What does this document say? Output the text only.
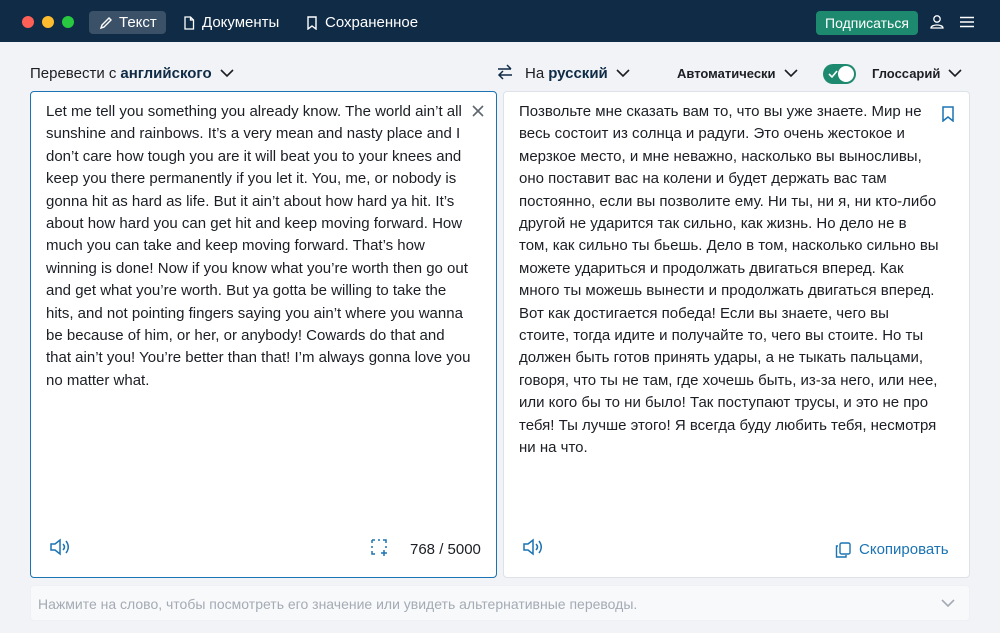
Текст	Документы	Сохраненное	Подписаться
Перевести с английского	На русский	Автоматически	Глоссарий
Let me tell you something you already know. The world ain’t all sunshine and rainbows. It’s a very mean and nasty place and I don’t care how tough you are it will beat you to your knees and keep you there permanently if you let it. You, me, or nobody is gonna hit as hard as life. But it ain’t about how hard ya hit. It’s about how hard you can get hit and keep moving forward. How much you can take and keep moving forward. That’s how winning is done! Now if you know what you’re worth then go out and get what you’re worth. But ya gotta be willing to take the hits, and not pointing fingers saying you ain’t where you wanna be because of him, or her, or anybody! Cowards do that and that ain’t you! You’re better than that! I’m always gonna love you no matter what.
768 / 5000
Позвольте мне сказать вам то, что вы уже знаете. Мир не весь состоит из солнца и радуги. Это очень жестокое и мерзкое место, и мне неважно, насколько вы выносливы, оно поставит вас на колени и будет держать вас там постоянно, если вы позволите ему. Ни ты, ни я, ни кто-либо другой не ударится так сильно, как жизнь. Но дело не в том, как сильно ты бьешь. Дело в том, насколько сильно вы можете удариться и продолжать двигаться вперед. Как много ты можешь вынести и продолжать двигаться вперед. Вот как достигается победа! Если вы знаете, чего вы стоите, тогда идите и получайте то, чего вы стоите. Но ты должен быть готов принять удары, а не тыкать пальцами, говоря, что ты не там, где хочешь быть, из-за него, или нее, или кого бы то ни было! Так поступают трусы, и это не про тебя! Ты лучше этого! Я всегда буду любить тебя, несмотря ни на что.
Скопировать
Нажмите на слово, чтобы посмотреть его значение или увидеть альтернативные переводы.
